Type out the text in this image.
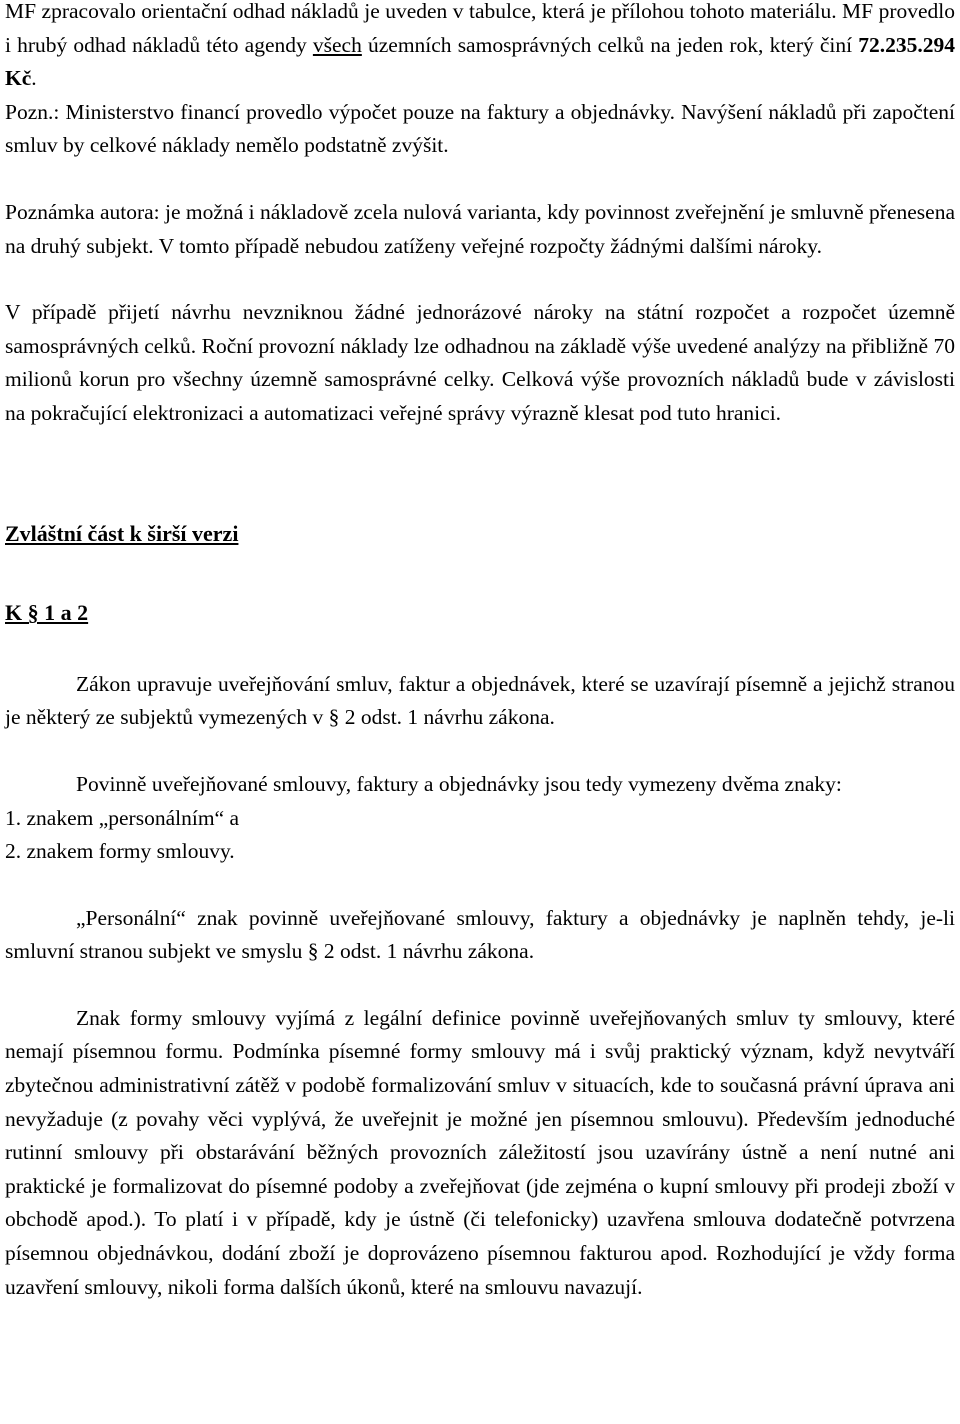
MF zpracovalo orientační odhad nákladů je uveden v tabulce, která je přílohou tohoto materiálu. MF provedlo i hrubý odhad nákladů této agendy všech územních samosprávných celků na jeden rok, který činí 72.235.294 Kč.

Pozn.: Ministerstvo financí provedlo výpočet pouze na faktury a objednávky. Navýšení nákladů při započtení smluv by celkové náklady nemělo podstatně zvýšit.

Poznámka autora: je možná i nákladově zcela nulová varianta, kdy povinnost zveřejnění je smluvně přenesena na druhý subjekt. V tomto případě nebudou zatíženy veřejné rozpočty žádnými dalšími nároky.

V případě přijetí návrhu nevzniknou žádné jednorázové nároky na státní rozpočet a rozpočet územně samosprávných celků. Roční provozní náklady lze odhadnou na základě výše uvedené analýzy na přibližně 70 milionů korun pro všechny územně samosprávné celky. Celková výše provozních nákladů bude v závislosti na pokračující elektronizaci a automatizaci veřejné správy výrazně klesat pod tuto hranici.

Zvláštní část k širší verzi

K § 1 a 2

Zákon upravuje uveřejňování smluv, faktur a objednávek, které se uzavírají písemně a jejichž stranou je některý ze subjektů vymezených v § 2 odst. 1 návrhu zákona.

Povinně uveřejňované smlouvy, faktury a objednávky jsou tedy vymezeny dvěma znaky:

1. znakem „personálním“ a

2. znakem formy smlouvy.

„Personální“ znak povinně uveřejňované smlouvy, faktury a objednávky je naplněn tehdy, je-li smluvní stranou subjekt ve smyslu § 2 odst. 1 návrhu zákona.

Znak formy smlouvy vyjímá z legální definice povinně uveřejňovaných smluv ty smlouvy, které nemají písemnou formu. Podmínka písemné formy smlouvy má i svůj praktický význam, když nevytváří zbytečnou administrativní zátěž v podobě formalizování smluv v situacích, kde to současná právní úprava ani nevyžaduje (z povahy věci vyplývá, že uveřejnit je možné jen písemnou smlouvu). Především jednoduché rutinní smlouvy při obstarávání běžných provozních záležitostí jsou uzavírány ústně a není nutné ani praktické je formalizovat do písemné podoby a zveřejňovat (jde zejména o kupní smlouvy při prodeji zboží v obchodě apod.). To platí i v případě, kdy je ústně (či telefonicky) uzavřena smlouva dodatečně potvrzena písemnou objednávkou, dodání zboží je doprovázeno písemnou fakturou apod. Rozhodující je vždy forma uzavření smlouvy, nikoli forma dalších úkonů, které na smlouvu navazují.
